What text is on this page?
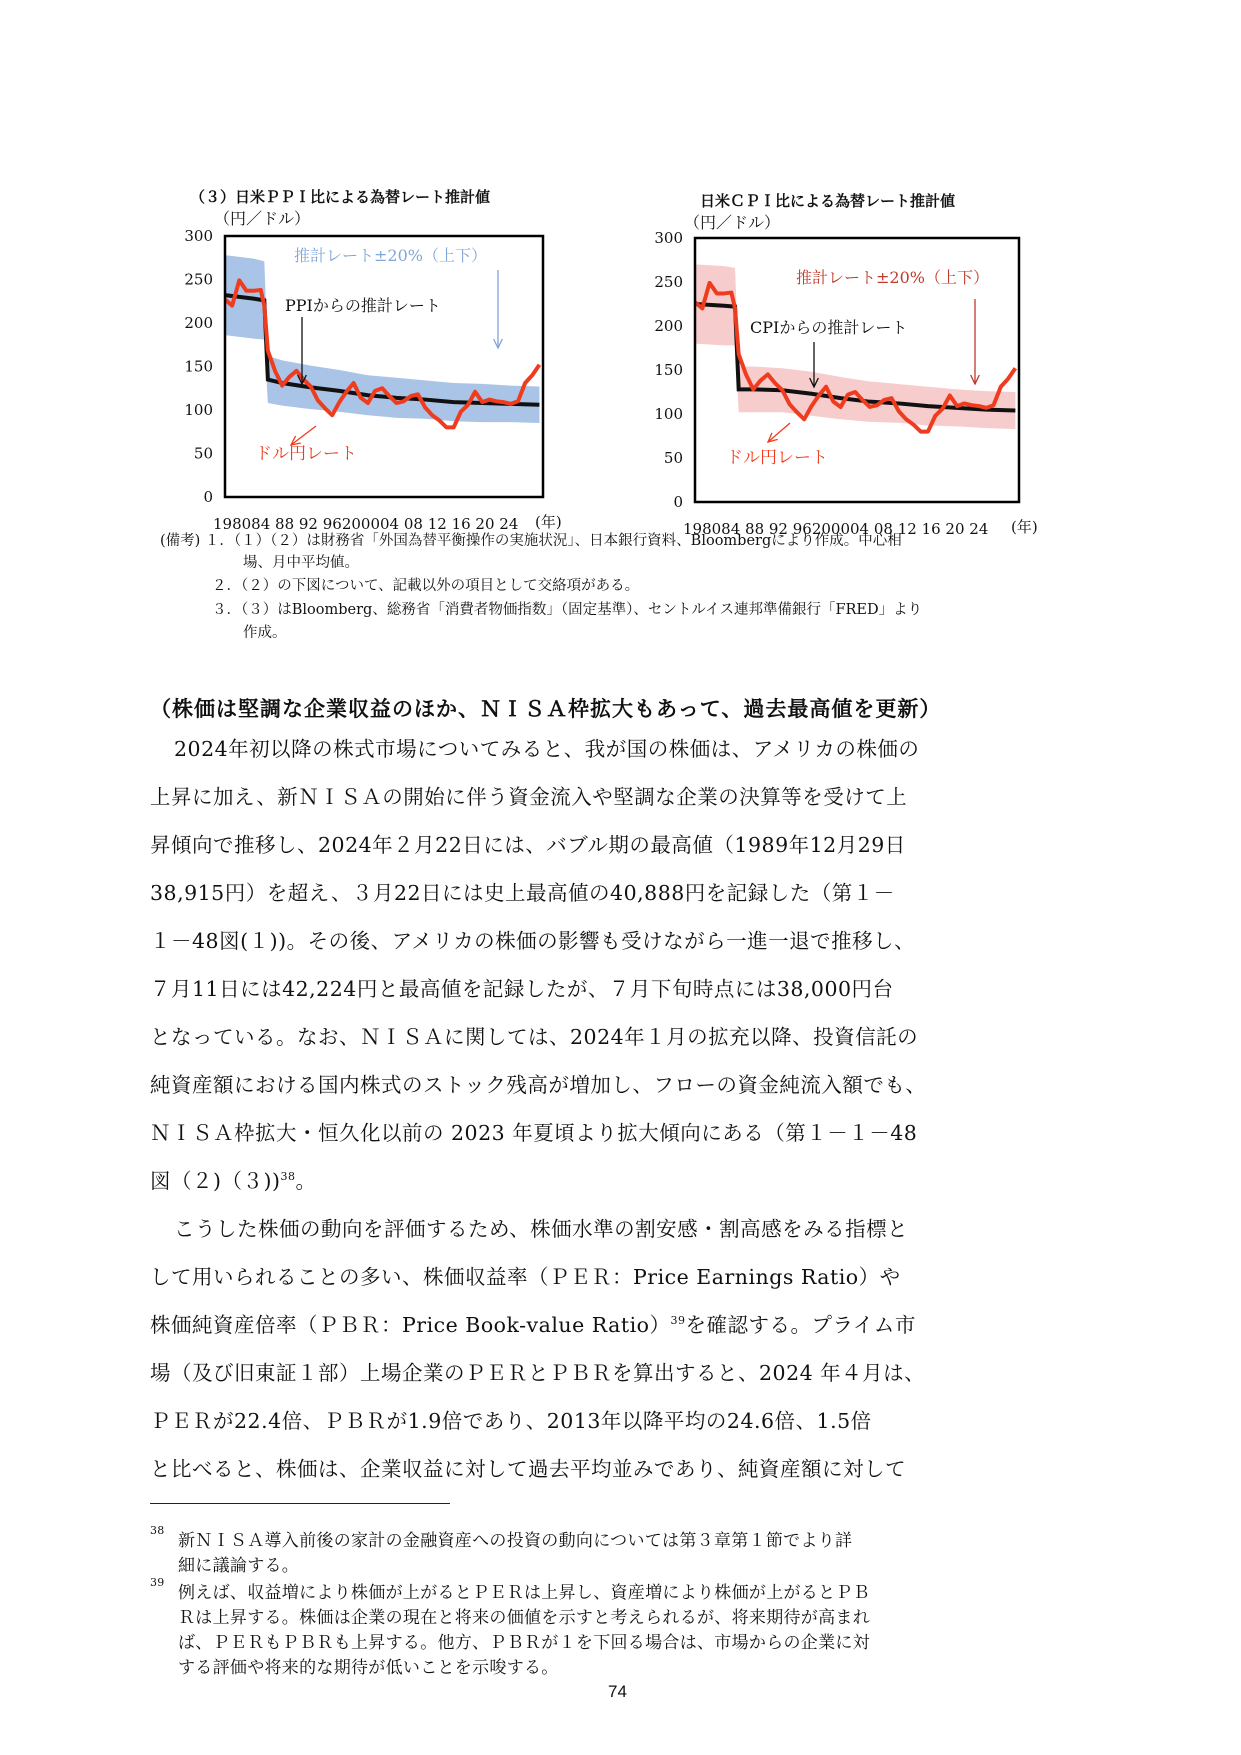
（３）日米ＰＰＩ比による為替レート推計値
（円／ドル）
0
50
100
150
200
250
300
198084 88 92 96200004 08 12 16 20 24 (年)
推計レート±20%（上下）
PPIからの推計レート
ドル円レート
日米ＣＰＩ比による為替レート推計値
（円／ドル）
0
50
100
150
200
250
300
198084 88 92 96200004 08 12 16 20 24 (年)
推計レート±20%（上下）
CPIからの推計レート
ドル円レート
(備考) １．（１）（２）は財務省「外国為替平衡操作の実施状況」、日本銀行資料、Bloombergにより作成。中心相
場、月中平均値。
２．（２）の下図について、記載以外の項目として交絡項がある。
３．（３）はBloomberg、総務省「消費者物価指数」（固定基準）、セントルイス連邦準備銀行「FRED」より
作成。
（株価は堅調な企業収益のほか、ＮＩＳＡ枠拡大もあって、過去最高値を更新）
2024年初以降の株式市場についてみると、我が国の株価は、アメリカの株価の
上昇に加え、新ＮＩＳＡの開始に伴う資金流入や堅調な企業の決算等を受けて上
昇傾向で推移し、2024年２月22日には、バブル期の最高値（1989年12月29日
38,915円）を超え、３月22日には史上最高値の40,888円を記録した（第１－
１－48図(１))。その後、アメリカの株価の影響も受けながら一進一退で推移し、
７月11日には42,224円と最高値を記録したが、７月下旬時点には38,000円台
となっている。なお、ＮＩＳＡに関しては、2024年１月の拡充以降、投資信託の
純資産額における国内株式のストック残高が増加し、フローの資金純流入額でも、
ＮＩＳＡ枠拡大・恒久化以前の 2023 年夏頃より拡大傾向にある（第１－１－48
図（２)（３))$^{38}$。
こうした株価の動向を評価するため、株価水準の割安感・割高感をみる指標と
して用いられることの多い、株価収益率（ＰＥＲ：Price Earnings Ratio）や
株価純資産倍率（ＰＢＲ：Price Book-value Ratio）$^{39}$を確認する。プライム市
場（及び旧東証１部）上場企業のＰＥＲとＰＢＲを算出すると、2024 年４月は、
ＰＥＲが22.4倍、ＰＢＲが1.9倍であり、2013年以降平均の24.6倍、1.5倍
と比べると、株価は、企業収益に対して過去平均並みであり、純資産額に対して
38
新ＮＩＳＡ導入前後の家計の金融資産への投資の動向については第３章第１節でより詳
細に議論する。
39
例えば、収益増により株価が上がるとＰＥＲは上昇し、資産増により株価が上がるとＰＢ
Ｒは上昇する。株価は企業の現在と将来の価値を示すと考えられるが、将来期待が高まれ
ば、ＰＥＲもＰＢＲも上昇する。他方、ＰＢＲが１を下回る場合は、市場からの企業に対
する評価や将来的な期待が低いことを示唆する。
74
